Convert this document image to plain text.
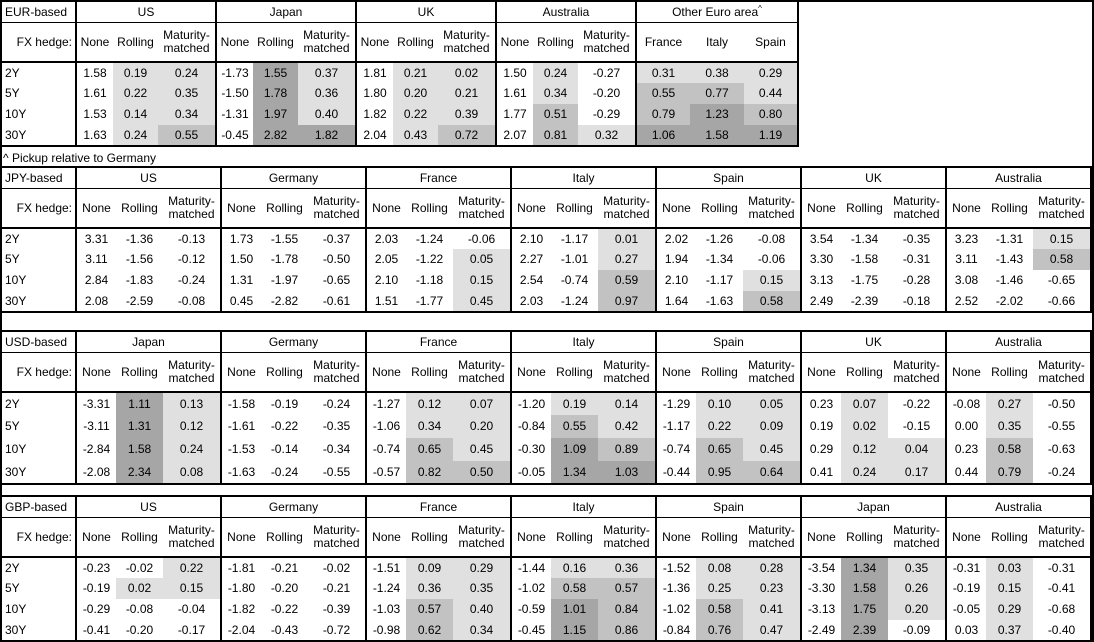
EUR-based	US			Japan			UK			Australia			Other Euro area^
FX hedge:	None	Rolling	Maturity-matched	None	Rolling	Maturity-matched	None	Rolling	Maturity-matched	None	Rolling	Maturity-matched	France	Italy	Spain
2Y	1.58	0.19	0.24	-1.73	1.55	0.37	1.81	0.21	0.02	1.50	0.24	-0.27	0.31	0.38	0.29
5Y	1.61	0.22	0.35	-1.50	1.78	0.36	1.80	0.20	0.21	1.61	0.34	-0.20	0.55	0.77	0.44
10Y	1.53	0.14	0.34	-1.31	1.97	0.40	1.82	0.22	0.39	1.77	0.51	-0.29	0.79	1.23	0.80
30Y	1.63	0.24	0.55	-0.45	2.82	1.82	2.04	0.43	0.72	2.07	0.81	0.32	1.06	1.58	1.19
^ Pickup relative to Germany
JPY-based	US			Germany			France			Italy			Spain			UK			Australia		
FX hedge:	None	Rolling	Maturity-matched	None	Rolling	Maturity-matched	None	Rolling	Maturity-matched	None	Rolling	Maturity-matched	None	Rolling	Maturity-matched	None	Rolling	Maturity-matched	None	Rolling	Maturity-matched
2Y	3.31	-1.36	-0.13	1.73	-1.55	-0.37	2.03	-1.24	-0.06	2.10	-1.17	0.01	2.02	-1.26	-0.08	3.54	-1.34	-0.35	3.23	-1.31	0.15
5Y	3.11	-1.56	-0.12	1.50	-1.78	-0.50	2.05	-1.22	0.05	2.27	-1.01	0.27	1.94	-1.34	-0.06	3.30	-1.58	-0.31	3.11	-1.43	0.58
10Y	2.84	-1.83	-0.24	1.31	-1.97	-0.65	2.10	-1.18	0.15	2.54	-0.74	0.59	2.10	-1.17	0.15	3.13	-1.75	-0.28	3.08	-1.46	-0.65
30Y	2.08	-2.59	-0.08	0.45	-2.82	-0.61	1.51	-1.77	0.45	2.03	-1.24	0.97	1.64	-1.63	0.58	2.49	-2.39	-0.18	2.52	-2.02	-0.66
USD-based	Japan			Germany			France			Italy			Spain			UK			Australia		
FX hedge:	None	Rolling	Maturity-matched	None	Rolling	Maturity-matched	None	Rolling	Maturity-matched	None	Rolling	Maturity-matched	None	Rolling	Maturity-matched	None	Rolling	Maturity-matched	None	Rolling	Maturity-matched
2Y	-3.31	1.11	0.13	-1.58	-0.19	-0.24	-1.27	0.12	0.07	-1.20	0.19	0.14	-1.29	0.10	0.05	0.23	0.07	-0.22	-0.08	0.27	-0.50
5Y	-3.11	1.31	0.12	-1.61	-0.22	-0.35	-1.06	0.34	0.20	-0.84	0.55	0.42	-1.17	0.22	0.09	0.19	0.02	-0.15	0.00	0.35	-0.55
10Y	-2.84	1.58	0.24	-1.53	-0.14	-0.34	-0.74	0.65	0.45	-0.30	1.09	0.89	-0.74	0.65	0.45	0.29	0.12	0.04	0.23	0.58	-0.63
30Y	-2.08	2.34	0.08	-1.63	-0.24	-0.55	-0.57	0.82	0.50	-0.05	1.34	1.03	-0.44	0.95	0.64	0.41	0.24	0.17	0.44	0.79	-0.24
GBP-based	US			Germany			France			Italy			Spain			Japan			Australia		
FX hedge:	None	Rolling	Maturity-matched	None	Rolling	Maturity-matched	None	Rolling	Maturity-matched	None	Rolling	Maturity-matched	None	Rolling	Maturity-matched	None	Rolling	Maturity-matched	None	Rolling	Maturity-matched
2Y	-0.23	-0.02	0.22	-1.81	-0.21	-0.02	-1.51	0.09	0.29	-1.44	0.16	0.36	-1.52	0.08	0.28	-3.54	1.34	0.35	-0.31	0.03	-0.31
5Y	-0.19	0.02	0.15	-1.80	-0.20	-0.21	-1.24	0.36	0.35	-1.02	0.58	0.57	-1.36	0.25	0.23	-3.30	1.58	0.26	-0.19	0.15	-0.41
10Y	-0.29	-0.08	-0.04	-1.82	-0.22	-0.39	-1.03	0.57	0.40	-0.59	1.01	0.84	-1.02	0.58	0.41	-3.13	1.75	0.20	-0.05	0.29	-0.68
30Y	-0.41	-0.20	-0.17	-2.04	-0.43	-0.72	-0.98	0.62	0.34	-0.45	1.15	0.86	-0.84	0.76	0.47	-2.49	2.39	-0.09	0.03	0.37	-0.40
